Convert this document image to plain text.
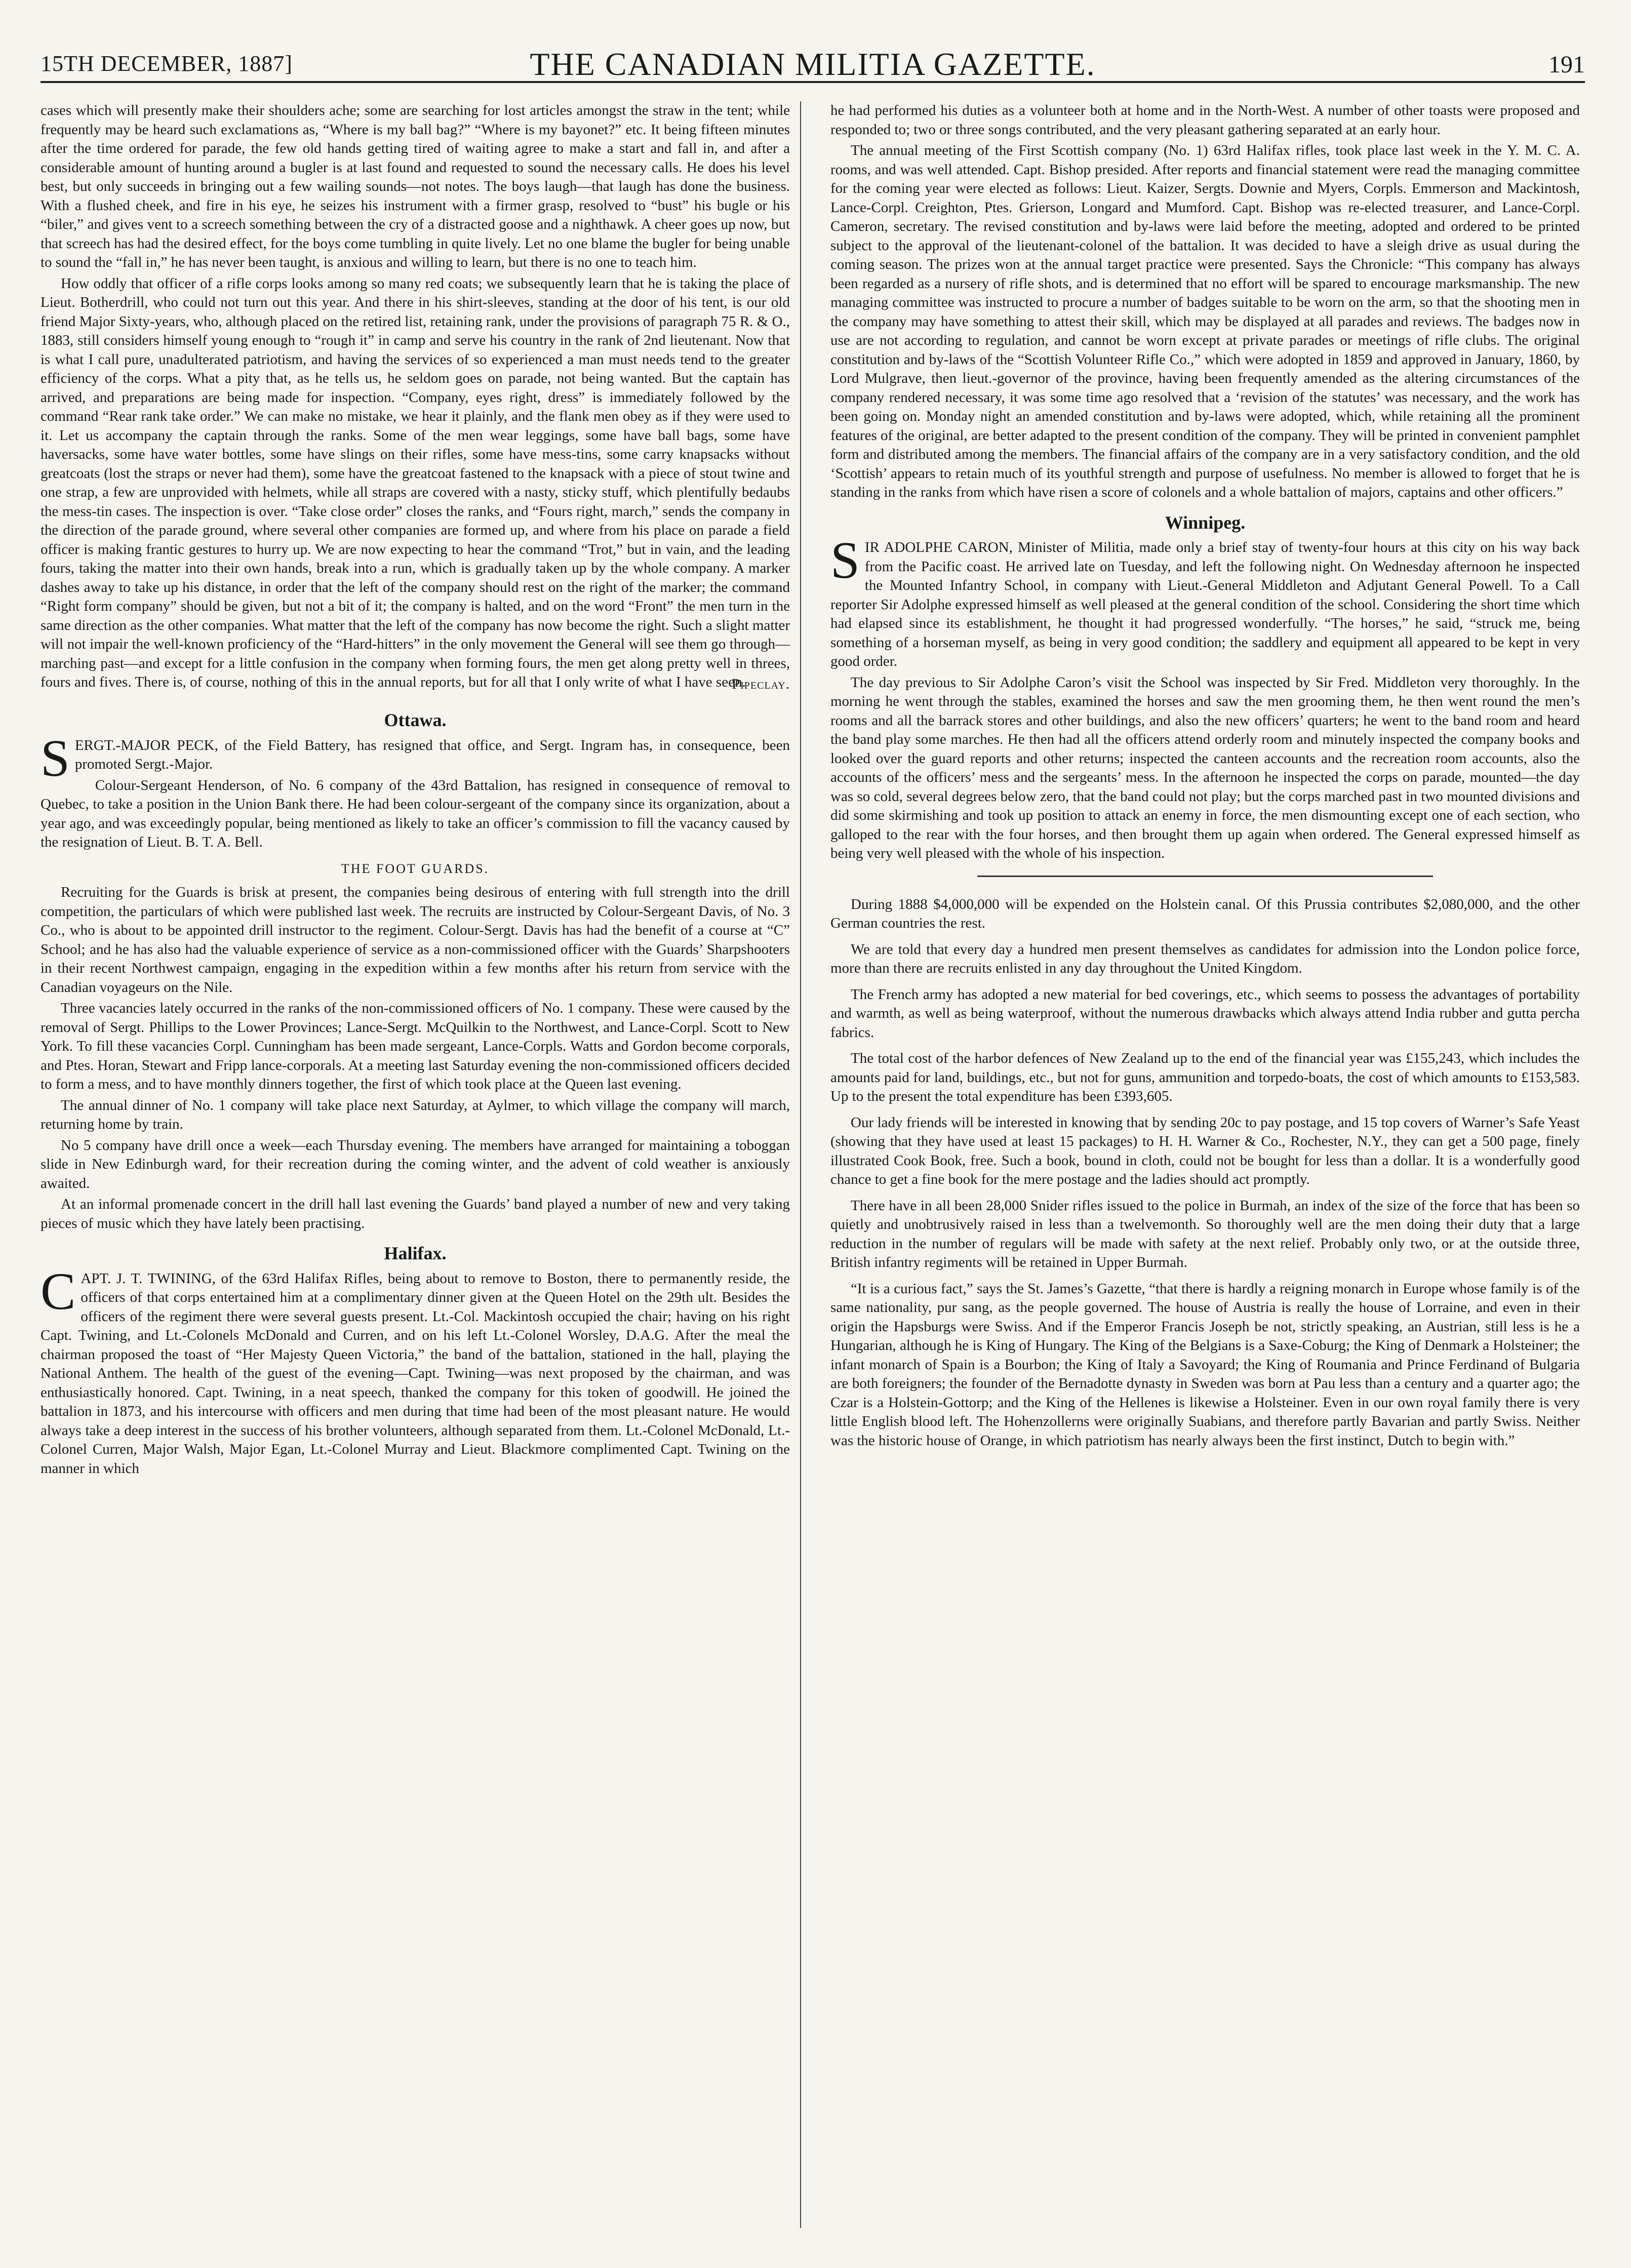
15TH DECEMBER, 1887]	THE CANADIAN MILITIA GAZETTE.	191

cases which will presently make their shoulders ache; some are searching for lost articles amongst the straw in the tent; while frequently may be heard such exclamations as, “Where is my ball bag?” “Where is my bayonet?” etc. It being fifteen minutes after the time ordered for parade, the few old hands getting tired of waiting agree to make a start and fall in, and after a considerable amount of hunting around a bugler is at last found and requested to sound the necessary calls. He does his level best, but only succeeds in bringing out a few wailing sounds—not notes. The boys laugh—that laugh has done the business. With a flushed cheek, and fire in his eye, he seizes his instrument with a firmer grasp, resolved to “bust” his bugle or his “biler,” and gives vent to a screech something between the cry of a distracted goose and a nighthawk. A cheer goes up now, but that screech has had the desired effect, for the boys come tumbling in quite lively. Let no one blame the bugler for being unable to sound the “fall in,” he has never been taught, is anxious and willing to learn, but there is no one to teach him.

How oddly that officer of a rifle corps looks among so many red coats; we subsequently learn that he is taking the place of Lieut. Botherdrill, who could not turn out this year. And there in his shirt-sleeves, standing at the door of his tent, is our old friend Major Sixty-years, who, although placed on the retired list, retaining rank, under the provisions of paragraph 75 R. & O., 1883, still considers himself young enough to “rough it” in camp and serve his country in the rank of 2nd lieutenant. Now that is what I call pure, unadulterated patriotism, and having the services of so experienced a man must needs tend to the greater efficiency of the corps. What a pity that, as he tells us, he seldom goes on parade, not being wanted. But the captain has arrived, and preparations are being made for inspection. “Company, eyes right, dress” is immediately followed by the command “Rear rank take order.” We can make no mistake, we hear it plainly, and the flank men obey as if they were used to it. Let us accompany the captain through the ranks. Some of the men wear leggings, some have ball bags, some have haversacks, some have water bottles, some have slings on their rifles, some have mess-tins, some carry knapsacks without greatcoats (lost the straps or never had them), some have the greatcoat fastened to the knapsack with a piece of stout twine and one strap, a few are unprovided with helmets, while all straps are covered with a nasty, sticky stuff, which plentifully bedaubs the mess-tin cases. The inspection is over. “Take close order” closes the ranks, and “Fours right, march,” sends the company in the direction of the parade ground, where several other companies are formed up, and where from his place on parade a field officer is making frantic gestures to hurry up. We are now expecting to hear the command “Trot,” but in vain, and the leading fours, taking the matter into their own hands, break into a run, which is gradually taken up by the whole company. A marker dashes away to take up his distance, in order that the left of the company should rest on the right of the marker; the command “Right form company” should be given, but not a bit of it; the company is halted, and on the word “Front” the men turn in the same direction as the other companies. What matter that the left of the company has now become the right. Such a slight matter will not impair the well-known proficiency of the “Hard-hitters” in the only movement the General will see them go through—marching past—and except for a little confusion in the company when forming fours, the men get along pretty well in threes, fours and fives. There is, of course, nothing of this in the annual reports, but for all that I only write of what I have seen.

Pipeclay.

Ottawa.

SERGT.-MAJOR PECK, of the Field Battery, has resigned that office, and Sergt. Ingram has, in consequence, been promoted Sergt.-Major.

Colour-Sergeant Henderson, of No. 6 company of the 43rd Battalion, has resigned in consequence of removal to Quebec, to take a position in the Union Bank there. He had been colour-sergeant of the company since its organization, about a year ago, and was exceedingly popular, being mentioned as likely to take an officer’s commission to fill the vacancy caused by the resignation of Lieut. B. T. A. Bell.

THE FOOT GUARDS.

Recruiting for the Guards is brisk at present, the companies being desirous of entering with full strength into the drill competition, the particulars of which were published last week. The recruits are instructed by Colour-Sergeant Davis, of No. 3 Co., who is about to be appointed drill instructor to the regiment. Colour-Sergt. Davis has had the benefit of a course at “C” School; and he has also had the valuable experience of service as a non-commissioned officer with the Guards’ Sharpshooters in their recent Northwest campaign, engaging in the expedition within a few months after his return from service with the Canadian voyageurs on the Nile.

Three vacancies lately occurred in the ranks of the non-commissioned officers of No. 1 company. These were caused by the removal of Sergt. Phillips to the Lower Provinces; Lance-Sergt. McQuilkin to the Northwest, and Lance-Corpl. Scott to New York. To fill these vacancies Corpl. Cunningham has been made sergeant, Lance-Corpls. Watts and Gordon become corporals, and Ptes. Horan, Stewart and Fripp lance-corporals. At a meeting last Saturday evening the non-commissioned officers decided to form a mess, and to have monthly dinners together, the first of which took place at the Queen last evening.

The annual dinner of No. 1 company will take place next Saturday, at Aylmer, to which village the company will march, returning home by train.

No 5 company have drill once a week—each Thursday evening. The members have arranged for maintaining a toboggan slide in New Edinburgh ward, for their recreation during the coming winter, and the advent of cold weather is anxiously awaited.

At an informal promenade concert in the drill hall last evening the Guards’ band played a number of new and very taking pieces of music which they have lately been practising.

Halifax.

CAPT. J. T. TWINING, of the 63rd Halifax Rifles, being about to remove to Boston, there to permanently reside, the officers of that corps entertained him at a complimentary dinner given at the Queen Hotel on the 29th ult. Besides the officers of the regiment there were several guests present. Lt.-Col. Mackintosh occupied the chair; having on his right Capt. Twining, and Lt.-Colonels McDonald and Curren, and on his left Lt.-Colonel Worsley, D.A.G. After the meal the chairman proposed the toast of “Her Majesty Queen Victoria,” the band of the battalion, stationed in the hall, playing the National Anthem. The health of the guest of the evening—Capt. Twining—was next proposed by the chairman, and was enthusiastically honored. Capt. Twining, in a neat speech, thanked the company for this token of goodwill. He joined the battalion in 1873, and his intercourse with officers and men during that time had been of the most pleasant nature. He would always take a deep interest in the success of his brother volunteers, although separated from them. Lt.-Colonel McDonald, Lt.-Colonel Curren, Major Walsh, Major Egan, Lt.-Colonel Murray and Lieut. Blackmore complimented Capt. Twining on the manner in which

he had performed his duties as a volunteer both at home and in the North-West. A number of other toasts were proposed and responded to; two or three songs contributed, and the very pleasant gathering separated at an early hour.

The annual meeting of the First Scottish company (No. 1) 63rd Halifax rifles, took place last week in the Y. M. C. A. rooms, and was well attended. Capt. Bishop presided. After reports and financial statement were read the managing committee for the coming year were elected as follows: Lieut. Kaizer, Sergts. Downie and Myers, Corpls. Emmerson and Mackintosh, Lance-Corpl. Creighton, Ptes. Grierson, Longard and Mumford. Capt. Bishop was re-elected treasurer, and Lance-Corpl. Cameron, secretary. The revised constitution and by-laws were laid before the meeting, adopted and ordered to be printed subject to the approval of the lieutenant-colonel of the battalion. It was decided to have a sleigh drive as usual during the coming season. The prizes won at the annual target practice were presented. Says the Chronicle: “This company has always been regarded as a nursery of rifle shots, and is determined that no effort will be spared to encourage marksmanship. The new managing committee was instructed to procure a number of badges suitable to be worn on the arm, so that the shooting men in the company may have something to attest their skill, which may be displayed at all parades and reviews. The badges now in use are not according to regulation, and cannot be worn except at private parades or meetings of rifle clubs. The original constitution and by-laws of the “Scottish Volunteer Rifle Co.,” which were adopted in 1859 and approved in January, 1860, by Lord Mulgrave, then lieut.-governor of the province, having been frequently amended as the altering circumstances of the company rendered necessary, it was some time ago resolved that a ‘revision of the statutes’ was necessary, and the work has been going on. Monday night an amended constitution and by-laws were adopted, which, while retaining all the prominent features of the original, are better adapted to the present condition of the company. They will be printed in convenient pamphlet form and distributed among the members. The financial affairs of the company are in a very satisfactory condition, and the old ‘Scottish’ appears to retain much of its youthful strength and purpose of usefulness. No member is allowed to forget that he is standing in the ranks from which have risen a score of colonels and a whole battalion of majors, captains and other officers.”

Winnipeg.

SIR ADOLPHE CARON, Minister of Militia, made only a brief stay of twenty-four hours at this city on his way back from the Pacific coast. He arrived late on Tuesday, and left the following night. On Wednesday afternoon he inspected the Mounted Infantry School, in company with Lieut.-General Middleton and Adjutant General Powell. To a Call reporter Sir Adolphe expressed himself as well pleased at the general condition of the school. Considering the short time which had elapsed since its establishment, he thought it had progressed wonderfully. “The horses,” he said, “struck me, being something of a horseman myself, as being in very good condition; the saddlery and equipment all appeared to be kept in very good order.

The day previous to Sir Adolphe Caron’s visit the School was inspected by Sir Fred. Middleton very thoroughly. In the morning he went through the stables, examined the horses and saw the men grooming them, he then went round the men’s rooms and all the barrack stores and other buildings, and also the new officers’ quarters; he went to the band room and heard the band play some marches. He then had all the officers attend orderly room and minutely inspected the company books and looked over the guard reports and other returns; inspected the canteen accounts and the recreation room accounts, also the accounts of the officers’ mess and the sergeants’ mess. In the afternoon he inspected the corps on parade, mounted—the day was so cold, several degrees below zero, that the band could not play; but the corps marched past in two mounted divisions and did some skirmishing and took up position to attack an enemy in force, the men dismounting except one of each section, who galloped to the rear with the four horses, and then brought them up again when ordered. The General expressed himself as being very well pleased with the whole of his inspection.

During 1888 $4,000,000 will be expended on the Holstein canal. Of this Prussia contributes $2,080,000, and the other German countries the rest.

We are told that every day a hundred men present themselves as candidates for admission into the London police force, more than there are recruits enlisted in any day throughout the United Kingdom.

The French army has adopted a new material for bed coverings, etc., which seems to possess the advantages of portability and warmth, as well as being waterproof, without the numerous drawbacks which always attend India rubber and gutta percha fabrics.

The total cost of the harbor defences of New Zealand up to the end of the financial year was £155,243, which includes the amounts paid for land, buildings, etc., but not for guns, ammunition and torpedo-boats, the cost of which amounts to £153,583. Up to the present the total expenditure has been £393,605.

Our lady friends will be interested in knowing that by sending 20c to pay postage, and 15 top covers of Warner’s Safe Yeast (showing that they have used at least 15 packages) to H. H. Warner & Co., Rochester, N.Y., they can get a 500 page, finely illustrated Cook Book, free. Such a book, bound in cloth, could not be bought for less than a dollar. It is a wonderfully good chance to get a fine book for the mere postage and the ladies should act promptly.

There have in all been 28,000 Snider rifles issued to the police in Burmah, an index of the size of the force that has been so quietly and unobtrusively raised in less than a twelvemonth. So thoroughly well are the men doing their duty that a large reduction in the number of regulars will be made with safety at the next relief. Probably only two, or at the outside three, British infantry regiments will be retained in Upper Burmah.

“It is a curious fact,” says the St. James’s Gazette, “that there is hardly a reigning monarch in Europe whose family is of the same nationality, pur sang, as the people governed. The house of Austria is really the house of Lorraine, and even in their origin the Hapsburgs were Swiss. And if the Emperor Francis Joseph be not, strictly speaking, an Austrian, still less is he a Hungarian, although he is King of Hungary. The King of the Belgians is a Saxe-Coburg; the King of Denmark a Holsteiner; the infant monarch of Spain is a Bourbon; the King of Italy a Savoyard; the King of Roumania and Prince Ferdinand of Bulgaria are both foreigners; the founder of the Bernadotte dynasty in Sweden was born at Pau less than a century and a quarter ago; the Czar is a Holstein-Gottorp; and the King of the Hellenes is likewise a Holsteiner. Even in our own royal family there is very little English blood left. The Hohenzollerns were originally Suabians, and therefore partly Bavarian and partly Swiss. Neither was the historic house of Orange, in which patriotism has nearly always been the first instinct, Dutch to begin with.”
